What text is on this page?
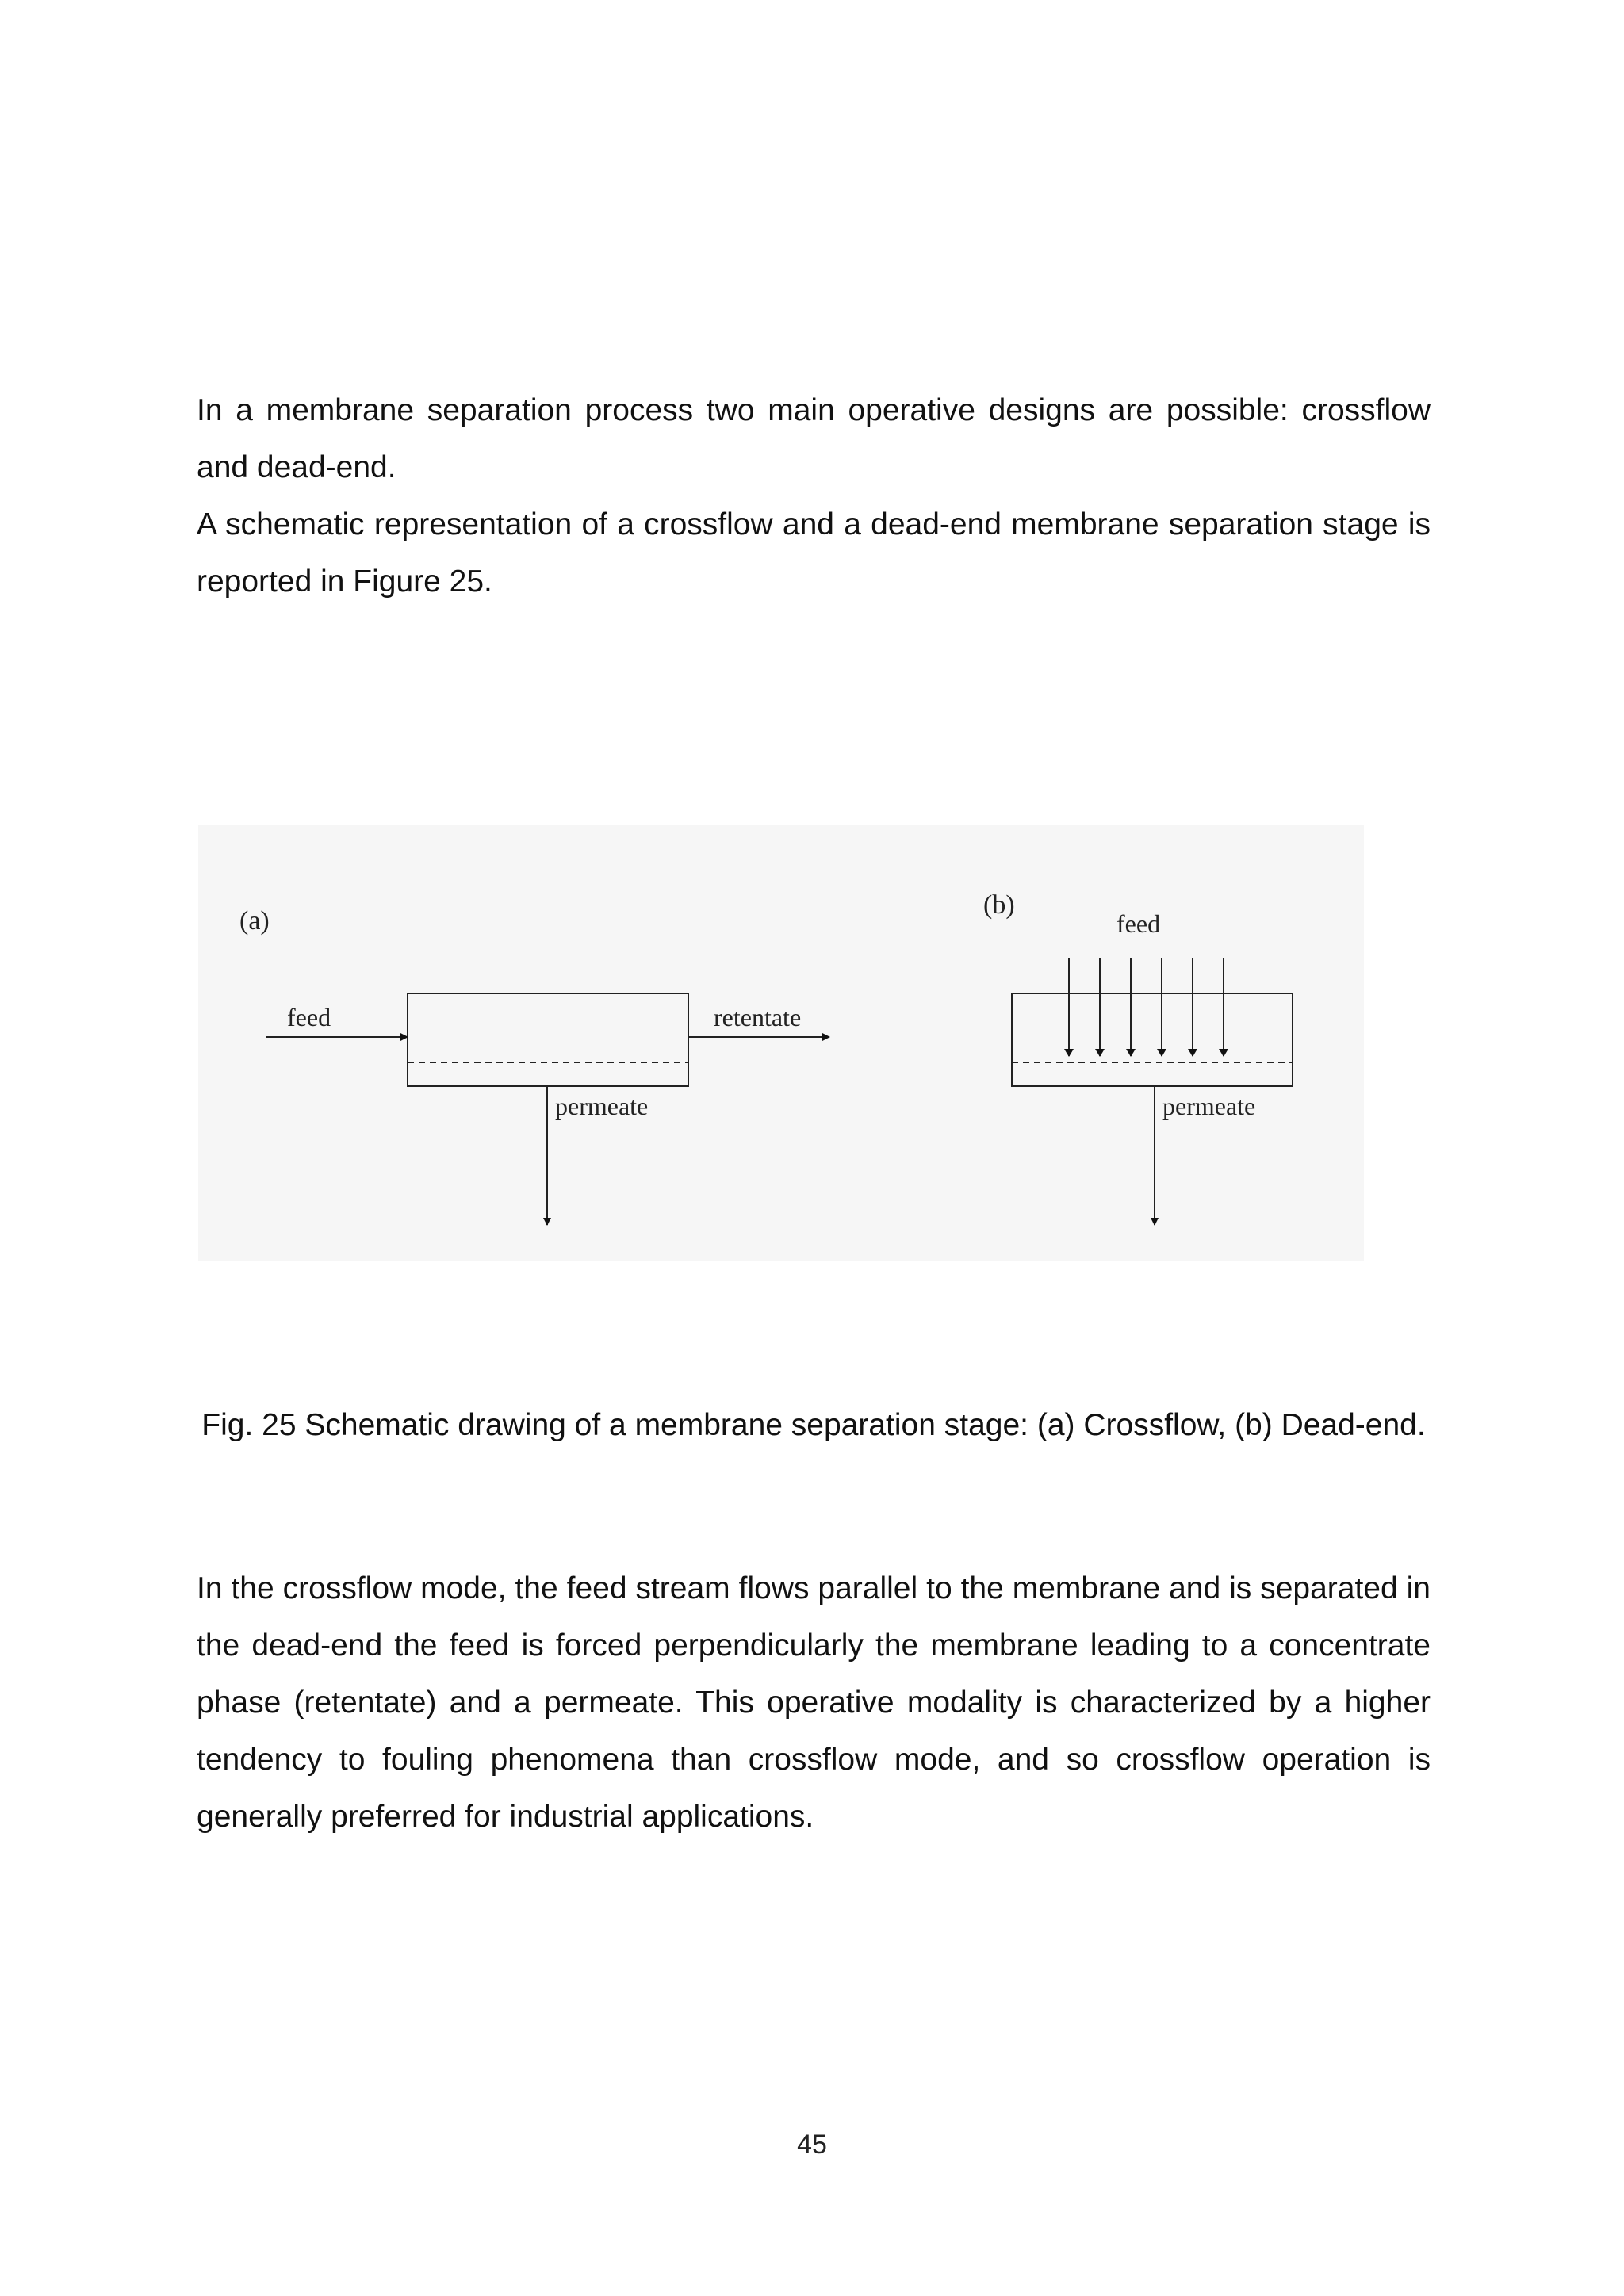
In a membrane separation process two main operative designs are possible: crossflow and dead-end.

A schematic representation of a crossflow and a dead-end membrane separation stage is reported in Figure 25.

(a)
feed	retentate
permeate
(b)
feed
permeate

Fig. 25 Schematic drawing of a membrane separation stage: (a) Crossflow, (b) Dead-end.

In the crossflow mode, the feed stream flows parallel to the membrane and is separated in the dead-end the feed is forced perpendicularly the membrane leading to a concentrate phase (retentate) and a permeate. This operative modality is characterized by a higher tendency to fouling phenomena than crossflow mode, and so crossflow operation is generally preferred for industrial applications.

45
